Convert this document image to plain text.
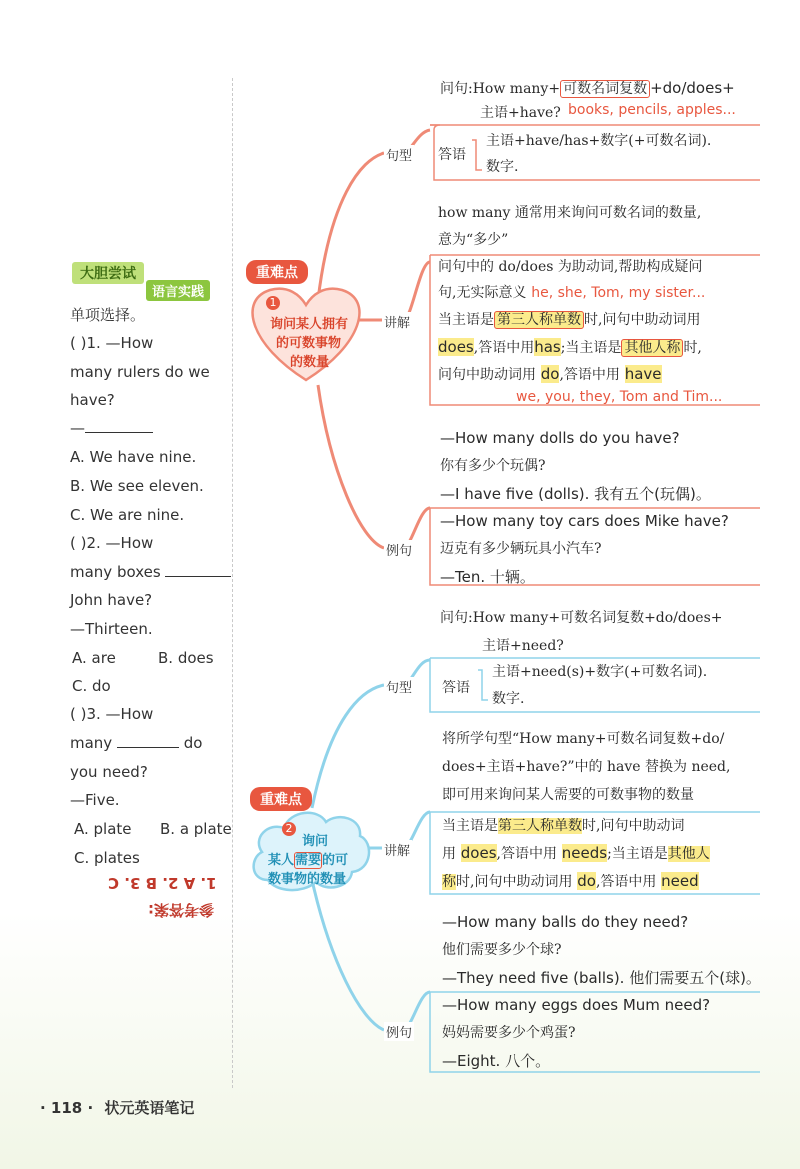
大胆尝试
语言实践
单项选择。
( )1. —How
many rulers do we
have?
—
A. We have nine.
B. We see eleven.
C. We are nine.
( )2. —How
many boxes
John have?
—Thirteen.
A. are	B. does
C. do
( )3. —How
many	do
you need?
—Five.
A. plate B. a plate
C. plates
1. A 2. B 3. C
参考答案:
重难点
1
询问某人拥有
的可数事物
的数量
句型
讲解
例句
问句:How many+ 可数名词复数 +do/does+
主语+have? books, pencils, apples...
答语
主语+have/has+数字(+可数名词).
数字.
how many 通常用来询问可数名词的数量,
意为“多少”
问句中的 do/does 为助动词,帮助构成疑问
句,无实际意义 he, she, Tom, my sister...
当主语是 第三人称单数 时,问句中助动词用
does,答语中用has;当主语是 其他人称 时,
问句中助动词用 do,答语中用 have
we, you, they, Tom and Tim...
—How many dolls do you have?
你有多少个玩偶?
—I have five (dolls). 我有五个(玩偶)。
—How many toy cars does Mike have?
迈克有多少辆玩具小汽车?
—Ten. 十辆。
重难点
2
询问
某人需要的可
数事物的数量
句型
讲解
例句
问句:How many+可数名词复数+do/does+
主语+need?
答语
主语+need(s)+数字(+可数名词).
数字.
将所学句型“How many+可数名词复数+do/
does+主语+have?”中的 have 替换为 need,
即可用来询问某人需要的可数事物的数量
当主语是第三人称单数时,问句中助动词
用 does,答语中用 needs;当主语是其他人
称时,问句中助动词用 do,答语中用 need
—How many balls do they need?
他们需要多少个球?
—They need five (balls). 他们需要五个(球)。
—How many eggs does Mum need?
妈妈需要多少个鸡蛋?
—Eight. 八个。
· 118 · 状元英语笔记
